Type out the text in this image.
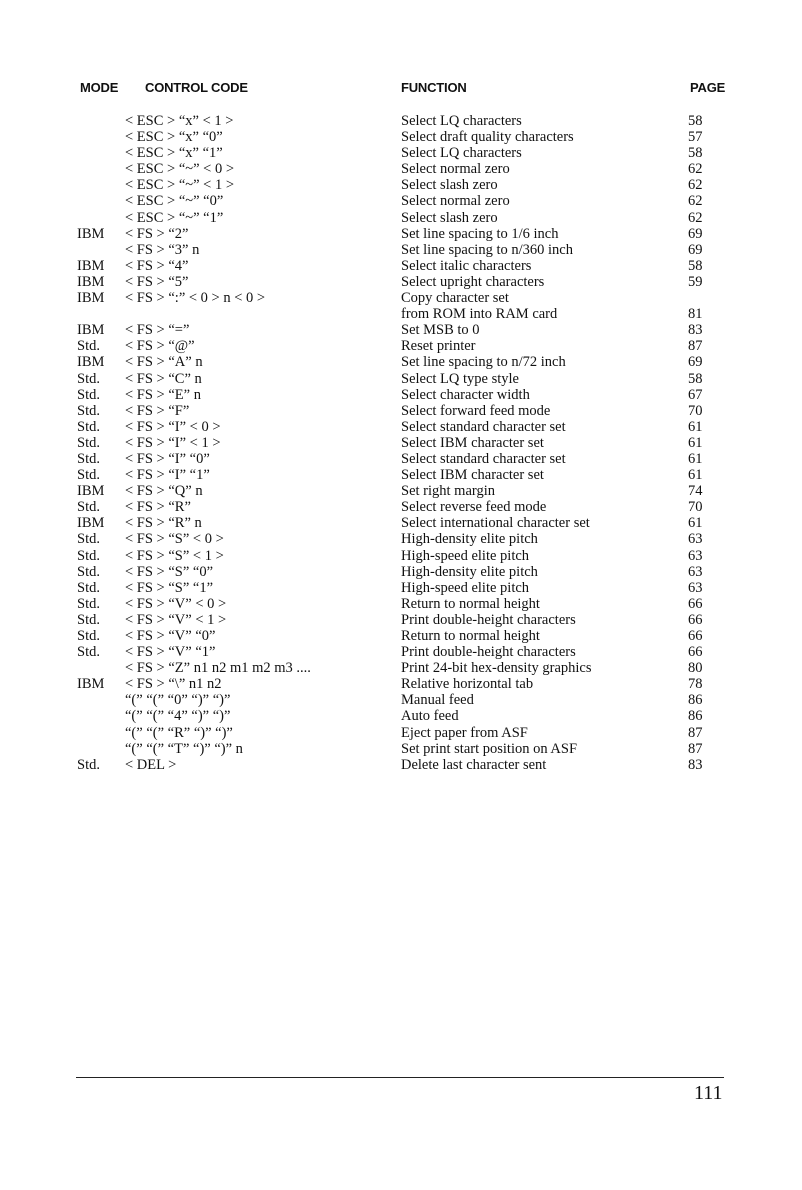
MODE CONTROL CODE	FUNCTION	PAGE
< ESC > “x” < 1 >	Select LQ characters	58
< ESC > “x” “0”	Select draft quality characters	57
< ESC > “x” “1”	Select LQ characters	58
< ESC > “~” < 0 >	Select normal zero	62
< ESC > “~” < 1 >	Select slash zero	62
< ESC > “~” “0”	Select normal zero	62
< ESC > “~” “1”	Select slash zero	62
IBM < FS > “2”	Set line spacing to 1/6 inch	69
< FS > “3” n	Set line spacing to n/360 inch	69
IBM < FS > “4”	Select italic characters	58
IBM < FS > “5”	Select upright characters	59
IBM < FS > “:” < 0 > n < 0 >	Copy character set
from ROM into RAM card	81
IBM < FS > “=”	Set MSB to 0	83
Std. < FS > “@”	Reset printer	87
IBM < FS > “A” n	Set line spacing to n/72 inch	69
Std. < FS > “C” n	Select LQ type style	58
Std. < FS > “E” n	Select character width	67
Std. < FS > “F”	Select forward feed mode	70
Std. < FS > “I” < 0 >	Select standard character set	61
Std. < FS > “I” < 1 >	Select IBM character set	61
Std. < FS > “I” “0”	Select standard character set	61
Std. < FS > “I” “1”	Select IBM character set	61
IBM < FS > “Q” n	Set right margin	74
Std. < FS > “R”	Select reverse feed mode	70
IBM < FS > “R” n	Select international character set	61
Std. < FS > “S” < 0 >	High-density elite pitch	63
Std. < FS > “S” < 1 >	High-speed elite pitch	63
Std. < FS > “S” “0”	High-density elite pitch	63
Std. < FS > “S” “1”	High-speed elite pitch	63
Std. < FS > “V” < 0 >	Return to normal height	66
Std. < FS > “V” < 1 >	Print double-height characters	66
Std. < FS > “V” “0”	Return to normal height	66
Std. < FS > “V” “1”	Print double-height characters	66
< FS > “Z” n1 n2 m1 m2 m3 ....	Print 24-bit hex-density graphics	80
IBM < FS > “\” n1 n2	Relative horizontal tab	78
“(” “(” “0” “)” “)”	Manual feed	86
“(” “(” “4” “)” “)”	Auto feed	86
“(” “(” “R” “)” “)”	Eject paper from ASF	87
“(” “(” “T” “)” “)” n	Set print start position on ASF	87
Std. < DEL >	Delete last character sent	83
111
